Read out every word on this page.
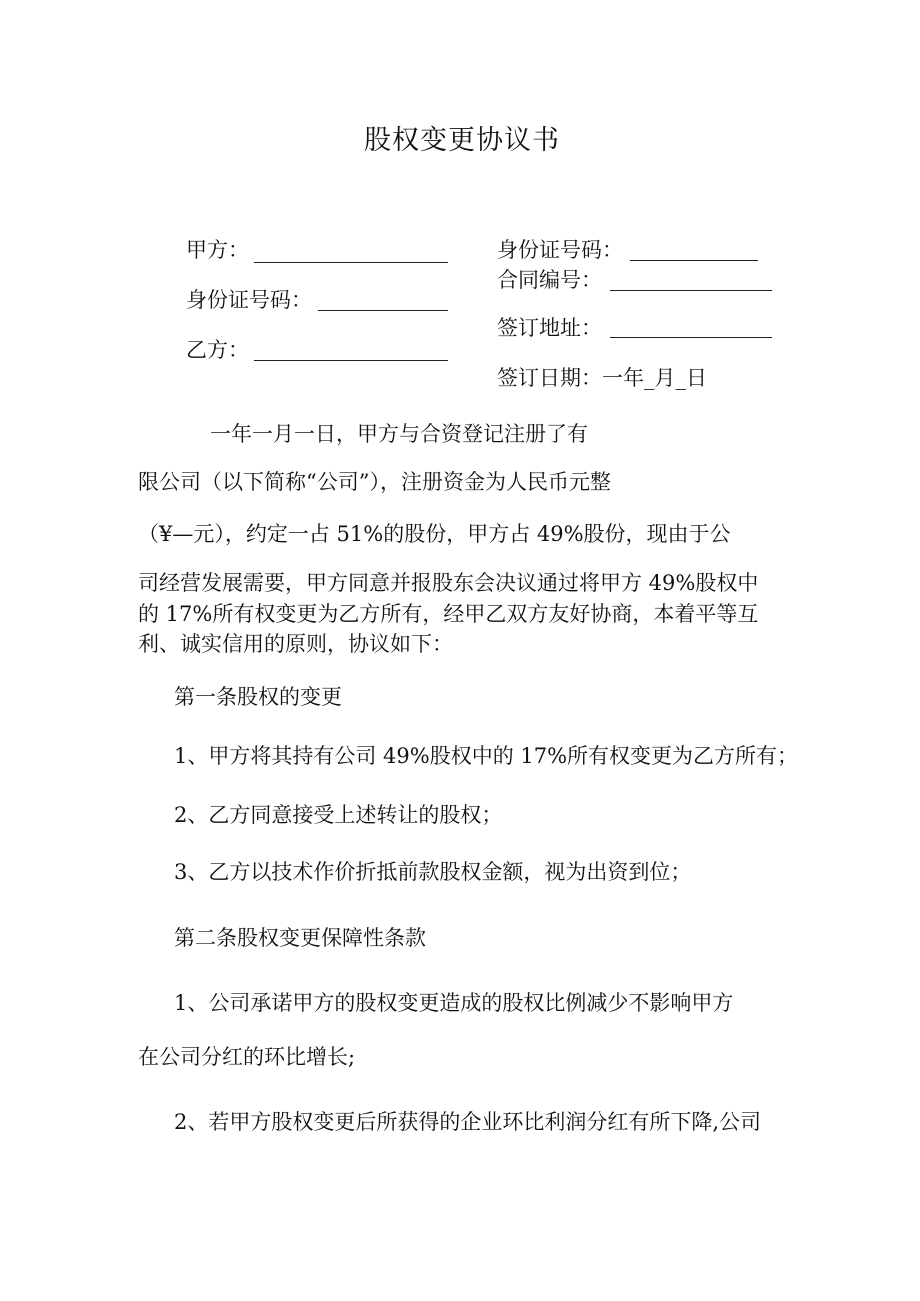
股权变更协议书
甲方：
身份证号码：
乙方：
身份证号码：
合同编号：
签订地址：
签订日期：一年_月_日
一年一月一日，甲方与合资登记注册了有
限公司（以下简称“公司”），注册资金为人民币元整
（¥—元），约定一占 51%的股份，甲方占 49%股份，现由于公
司经营发展需要，甲方同意并报股东会决议通过将甲方 49%股权中
的 17%所有权变更为乙方所有，经甲乙双方友好协商，本着平等互
利、诚实信用的原则，协议如下：
第一条股权的变更
1、甲方将其持有公司 49%股权中的 17%所有权变更为乙方所有；
2、乙方同意接受上述转让的股权；
3、乙方以技术作价折抵前款股权金额，视为出资到位；
第二条股权变更保障性条款
1、公司承诺甲方的股权变更造成的股权比例减少不影响甲方
在公司分红的环比增长;
2、若甲方股权变更后所获得的企业环比利润分红有所下降,公司
